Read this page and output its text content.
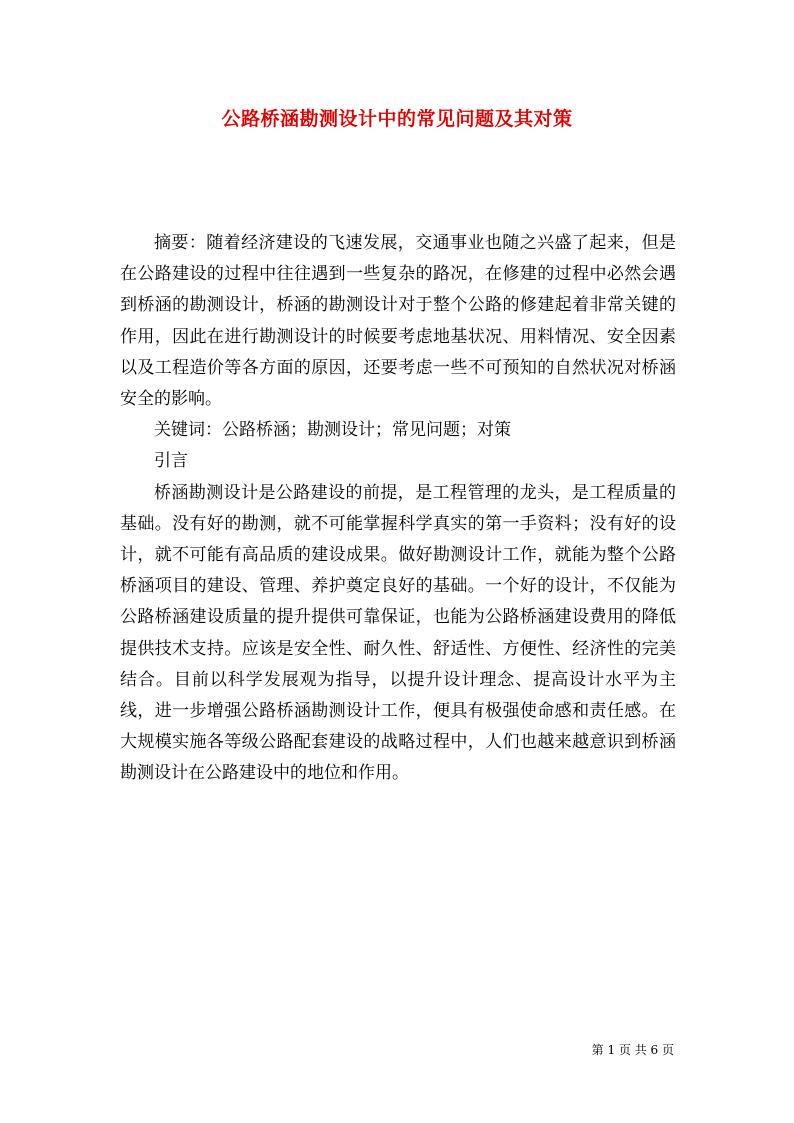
公路桥涵勘测设计中的常见问题及其对策

摘要：随着经济建设的飞速发展，交通事业也随之兴盛了起来，但是在公路建设的过程中往往遇到一些复杂的路况，在修建的过程中必然会遇到桥涵的勘测设计，桥涵的勘测设计对于整个公路的修建起着非常关键的作用，因此在进行勘测设计的时候要考虑地基状况、用料情况、安全因素以及工程造价等各方面的原因，还要考虑一些不可预知的自然状况对桥涵安全的影响。

关键词：公路桥涵；勘测设计；常见问题；对策

引言

桥涵勘测设计是公路建设的前提，是工程管理的龙头，是工程质量的基础。没有好的勘测，就不可能掌握科学真实的第一手资料；没有好的设计，就不可能有高品质的建设成果。做好勘测设计工作，就能为整个公路桥涵项目的建设、管理、养护奠定良好的基础。一个好的设计，不仅能为公路桥涵建设质量的提升提供可靠保证，也能为公路桥涵建设费用的降低提供技术支持。应该是安全性、耐久性、舒适性、方便性、经济性的完美结合。目前以科学发展观为指导，以提升设计理念、提高设计水平为主线，进一步增强公路桥涵勘测设计工作，便具有极强使命感和责任感。在大规模实施各等级公路配套建设的战略过程中，人们也越来越意识到桥涵勘测设计在公路建设中的地位和作用。

第 1 页 共 6 页
